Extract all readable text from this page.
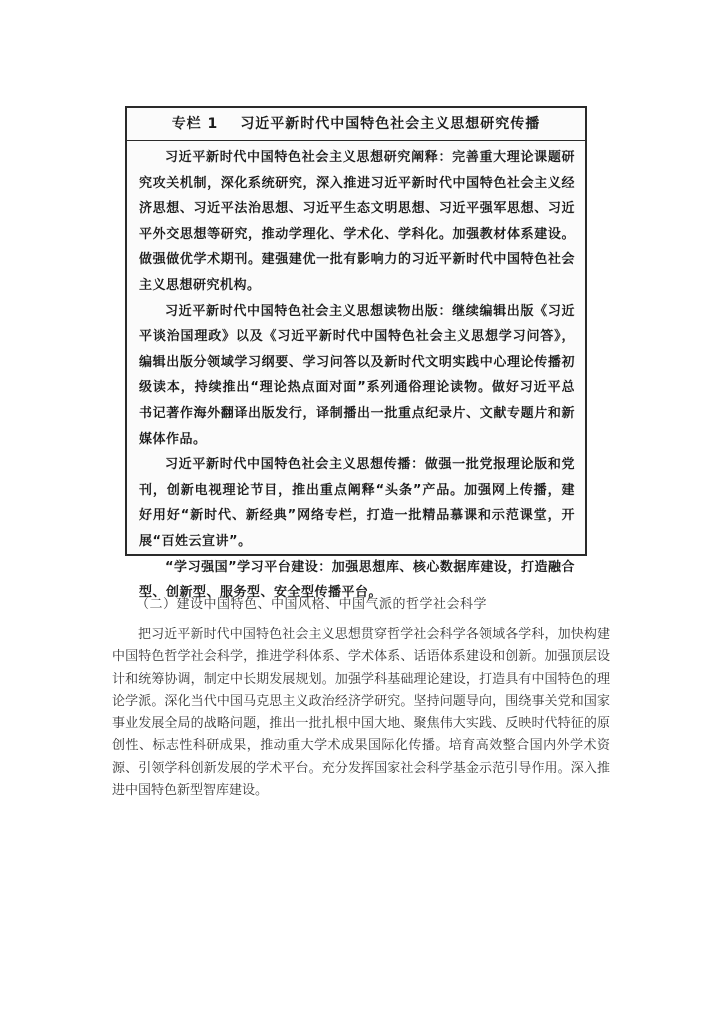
专栏 1 习近平新时代中国特色社会主义思想研究传播

习近平新时代中国特色社会主义思想研究阐释：完善重大理论课题研究攻关机制，深化系统研究，深入推进习近平新时代中国特色社会主义经济思想、习近平法治思想、习近平生态文明思想、习近平强军思想、习近平外交思想等研究，推动学理化、学术化、学科化。加强教材体系建设。做强做优学术期刊。建强建优一批有影响力的习近平新时代中国特色社会主义思想研究机构。

习近平新时代中国特色社会主义思想读物出版：继续编辑出版《习近平谈治国理政》以及《习近平新时代中国特色社会主义思想学习问答》，编辑出版分领域学习纲要、学习问答以及新时代文明实践中心理论传播初级读本，持续推出“理论热点面对面”系列通俗理论读物。做好习近平总书记著作海外翻译出版发行，译制播出一批重点纪录片、文献专题片和新媒体作品。

习近平新时代中国特色社会主义思想传播：做强一批党报理论版和党刊，创新电视理论节目，推出重点阐释“头条”产品。加强网上传播，建好用好“新时代、新经典”网络专栏，打造一批精品慕课和示范课堂，开展“百姓云宣讲”。

“学习强国”学习平台建设：加强思想库、核心数据库建设，打造融合型、创新型、服务型、安全型传播平台。

（二）建设中国特色、中国风格、中国气派的哲学社会科学

把习近平新时代中国特色社会主义思想贯穿哲学社会科学各领域各学科，加快构建中国特色哲学社会科学，推进学科体系、学术体系、话语体系建设和创新。加强顶层设计和统筹协调，制定中长期发展规划。加强学科基础理论建设，打造具有中国特色的理论学派。深化当代中国马克思主义政治经济学研究。坚持问题导向，围绕事关党和国家事业发展全局的战略问题，推出一批扎根中国大地、聚焦伟大实践、反映时代特征的原创性、标志性科研成果，推动重大学术成果国际化传播。培育高效整合国内外学术资源、引领学科创新发展的学术平台。充分发挥国家社会科学基金示范引导作用。深入推进中国特色新型智库建设。
